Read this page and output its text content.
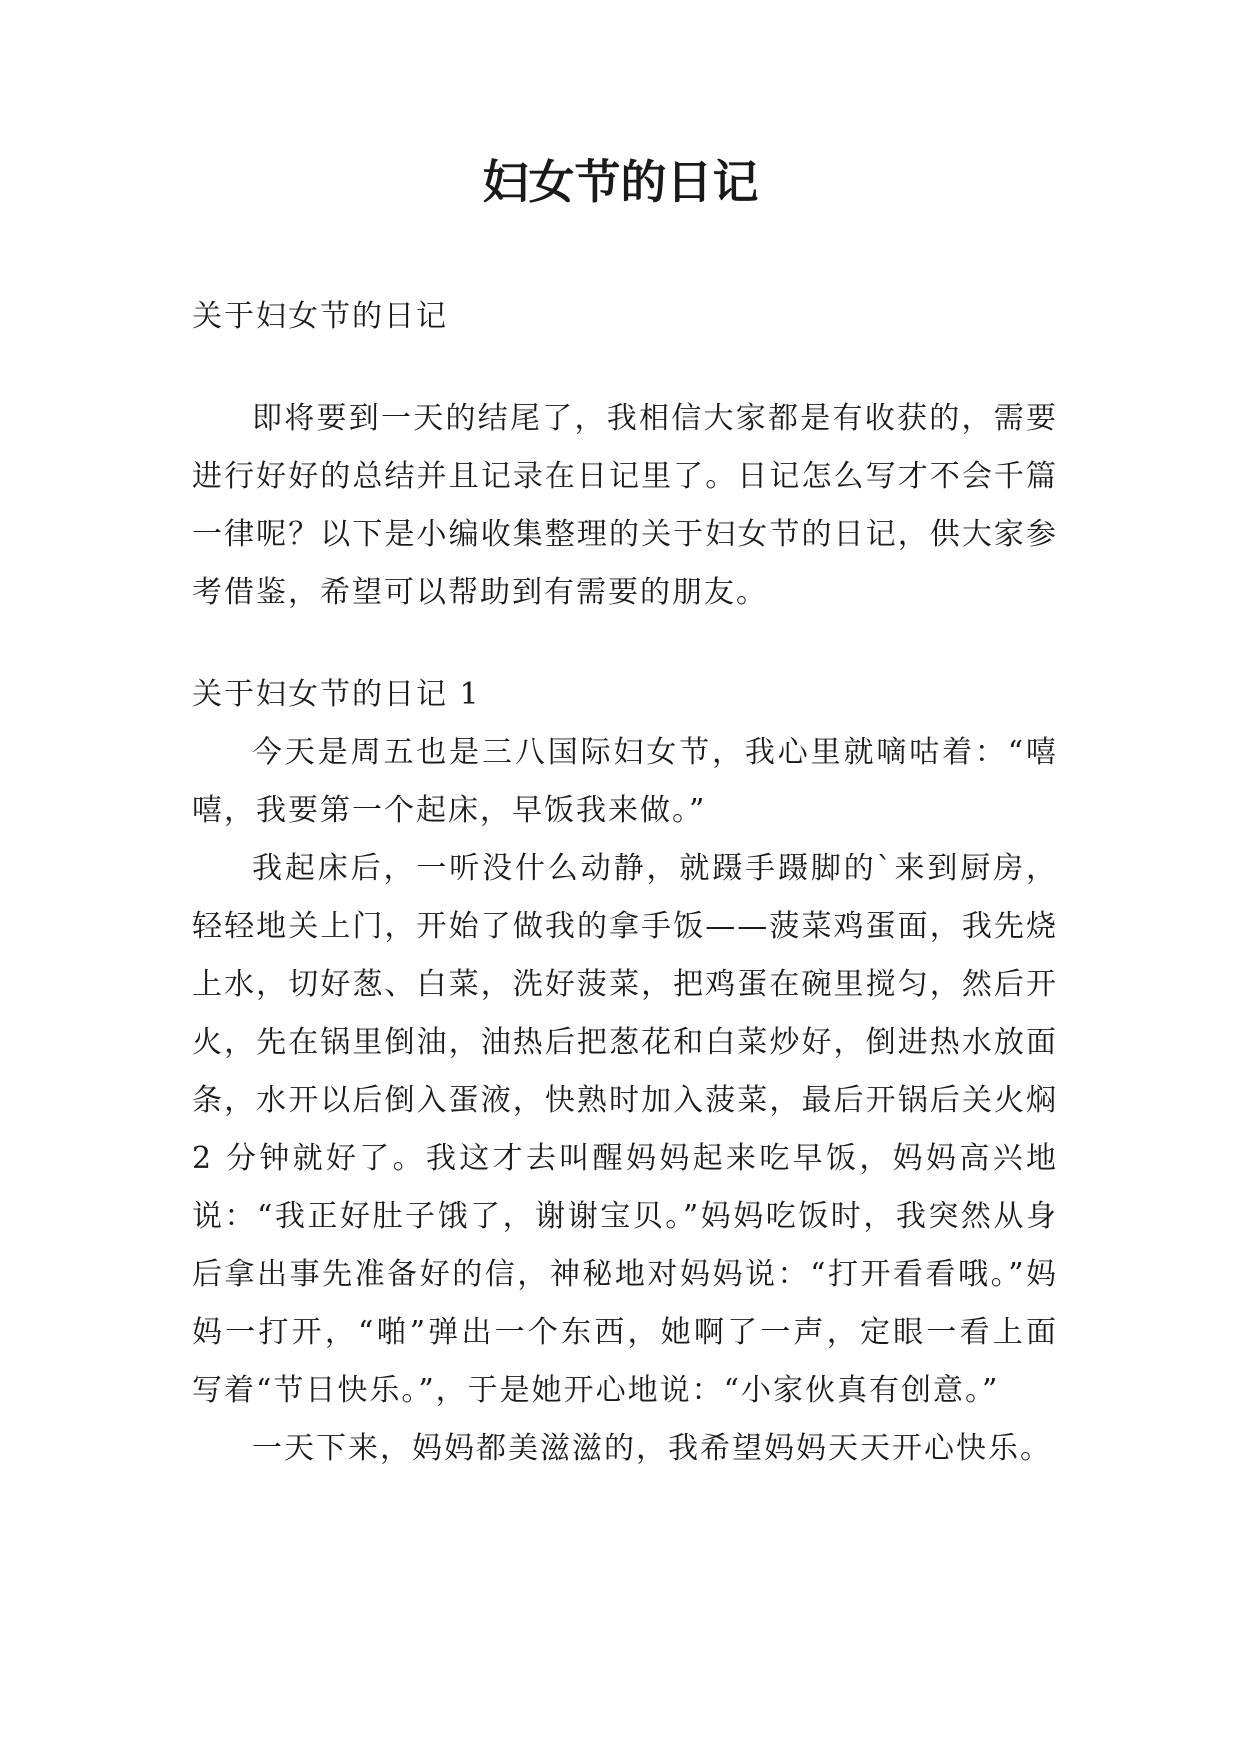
妇女节的日记

关于妇女节的日记

即将要到一天的结尾了，我相信大家都是有收获的，需要进行好好的总结并且记录在日记里了。日记怎么写才不会千篇一律呢？以下是小编收集整理的关于妇女节的日记，供大家参考借鉴，希望可以帮助到有需要的朋友。

关于妇女节的日记 1

今天是周五也是三八国际妇女节，我心里就嘀咕着：“嘻嘻，我要第一个起床，早饭我来做。”

我起床后，一听没什么动静，就蹑手蹑脚的`来到厨房，轻轻地关上门，开始了做我的拿手饭——菠菜鸡蛋面，我先烧上水，切好葱、白菜，洗好菠菜，把鸡蛋在碗里搅匀，然后开火，先在锅里倒油，油热后把葱花和白菜炒好，倒进热水放面条，水开以后倒入蛋液，快熟时加入菠菜，最后开锅后关火焖 2 分钟就好了。我这才去叫醒妈妈起来吃早饭，妈妈高兴地说：“我正好肚子饿了，谢谢宝贝。”妈妈吃饭时，我突然从身后拿出事先准备好的信，神秘地对妈妈说：“打开看看哦。”妈妈一打开，“啪”弹出一个东西，她啊了一声，定眼一看上面写着“节日快乐。”，于是她开心地说：“小家伙真有创意。”

一天下来，妈妈都美滋滋的，我希望妈妈天天开心快乐。
